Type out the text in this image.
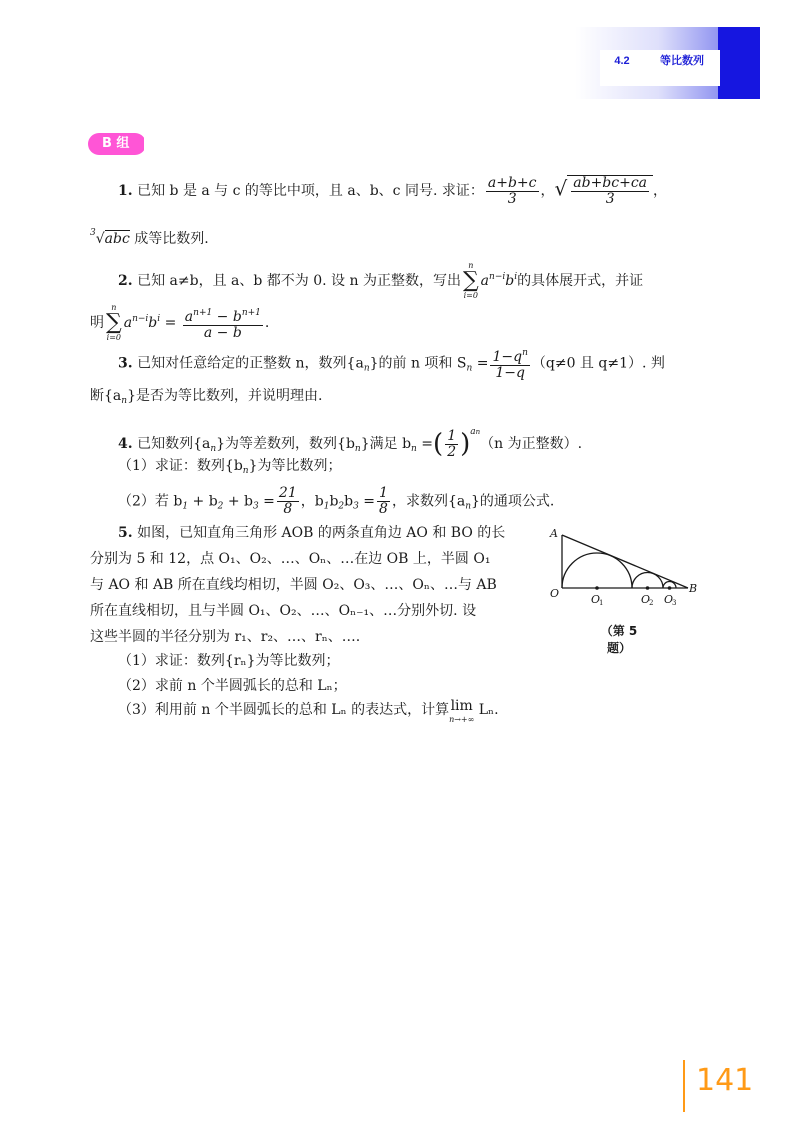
4.2	等比数列
B 组
1. 已知 b 是 a 与 c 的等比中项，且 a、b、c 同号. 求证： $\frac{a+b+c}{3}$ ，√ $\frac{ab+bc+ca}{3}$ ，
$^3$√abc 成等比数列.
2. 已知 a≠b，且 a、b 都不为 0. 设 n 为正整数，写出
n
∑
i=0
$a^{n-i}b^i$的具体展开式，并证
明
n
∑
i=0
$a^{n-i}b^i = \frac{a^{n+1} - b^{n+1}}{a - b}$ .
3. 已知对任意给定的正整数 n，数列$\{a_n\}$的前 n 项和 $S_n = \frac{1-q^n}{1-q} (q\ne 0$ 且 q≠1）. 判
断$\{a_n\}$是否为等比数列，并说明理由.
4. 已知数列$\{a_n\}$为等差数列，数列$\{b_n\}$满足 $b_n$ =( $\frac{1}{2} )^{an}(n$ 为正整数）.
（1）求证：数列$\{b_n\}$为等比数列；
（2）若 $b_1 + b_2 + b_3 = \frac{21}{8}$ ，$b_1b_2b_3 = \frac{1}{8}$ ，求数列$\{a_n\}$的通项公式.
5. 如图，已知直角三角形 AOB 的两条直角边 AO 和 BO 的长
分别为 5 和 12，点 O₁、O₂、…、Oₙ、…在边 OB 上，半圆 O₁
与 AO 和 AB 所在直线均相切，半圆 O₂、O₃、…、Oₙ、…与 AB
所在直线相切，且与半圆 O₁、O₂、…、Oₙ₋₁、…分别外切. 设
这些半圆的半径分别为 r₁、r₂、…、rₙ、….
（1）求证：数列{rₙ}为等比数列；
（2）求前 n 个半圆弧长的总和 Lₙ；
（3）利用前 n 个半圆弧长的总和 Lₙ 的表达式，计算 lim
n→+∞
Lₙ.
A
O	B
O
1	O
2 O
3
（第 5 题）
141
